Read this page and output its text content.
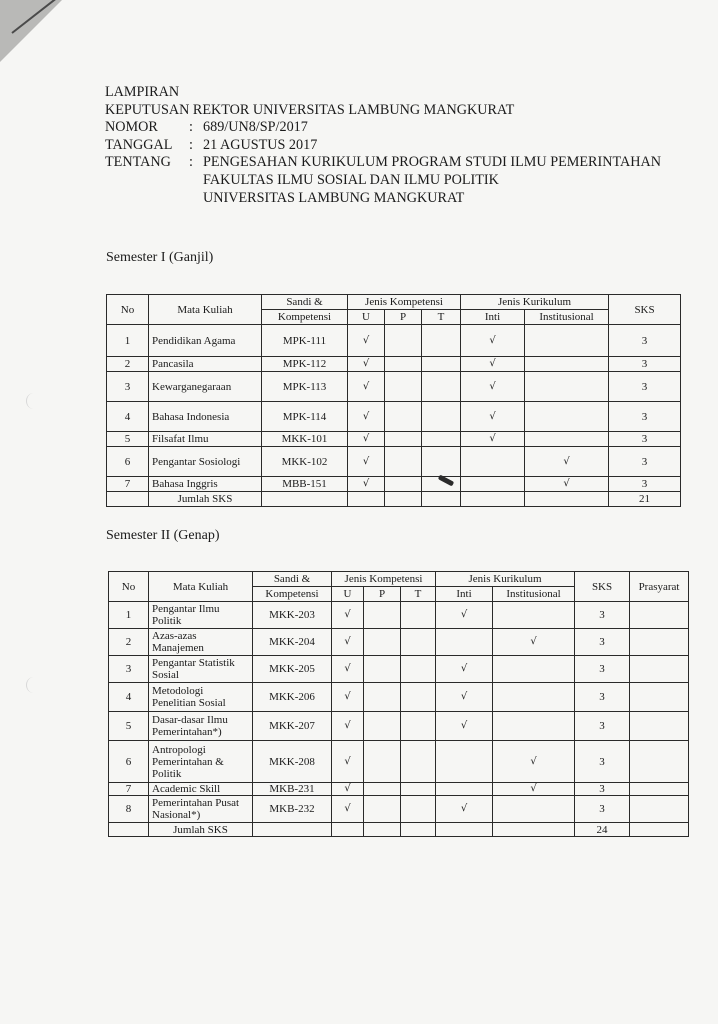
LAMPIRAN
KEPUTUSAN REKTOR UNIVERSITAS LAMBUNG MANGKURAT
NOMOR	: 689/UN8/SP/2017
TANGGAL	: 21 AGUSTUS 2017
TENTANG	: PENGESAHAN KURIKULUM PROGRAM STUDI ILMU PEMERINTAHAN
FAKULTAS ILMU SOSIAL DAN ILMU POLITIK
UNIVERSITAS LAMBUNG MANGKURAT
Semester I (Ganjil)
No	Mata Kuliah	Sandi &	Jenis Kompetensi			Jenis Kurikulum		SKS
		Kompetensi	U	P	T	Inti	Institusional	
1	Pendidikan Agama	MPK-111	√			√		3
2	Pancasila	MPK-112	√			√		3
3	Kewarganegaraan	MPK-113	√			√		3
4	Bahasa Indonesia	MPK-114	√			√		3
5	Filsafat Ilmu	MKK-101	√			√		3
6	Pengantar Sosiologi	MKK-102	√				√	3
7	Bahasa Inggris	MBB-151	√				√	3
	Jumlah SKS							21
Semester II (Genap)
No	Mata Kuliah	Sandi &	Jenis Kompetensi			Jenis Kurikulum		SKS	Prasyarat
		Kompetensi	U	P	T	Inti	Institusional		
1	Pengantar Ilmu Politik	MKK-203	√			√		3	
2	Azas-azas Manajemen	MKK-204	√				√	3	
3	Pengantar Statistik Sosial	MKK-205	√			√		3	
4	Metodologi Penelitian Sosial	MKK-206	√			√		3	
5	Dasar-dasar Ilmu Pemerintahan*)	MKK-207	√			√		3	
6	Antropologi Pemerintahan & Politik	MKK-208	√				√	3	
7	Academic Skill	MKB-231	√				√	3	
8	Pemerintahan Pusat Nasional*)	MKB-232	√			√		3	
	Jumlah SKS							24	
